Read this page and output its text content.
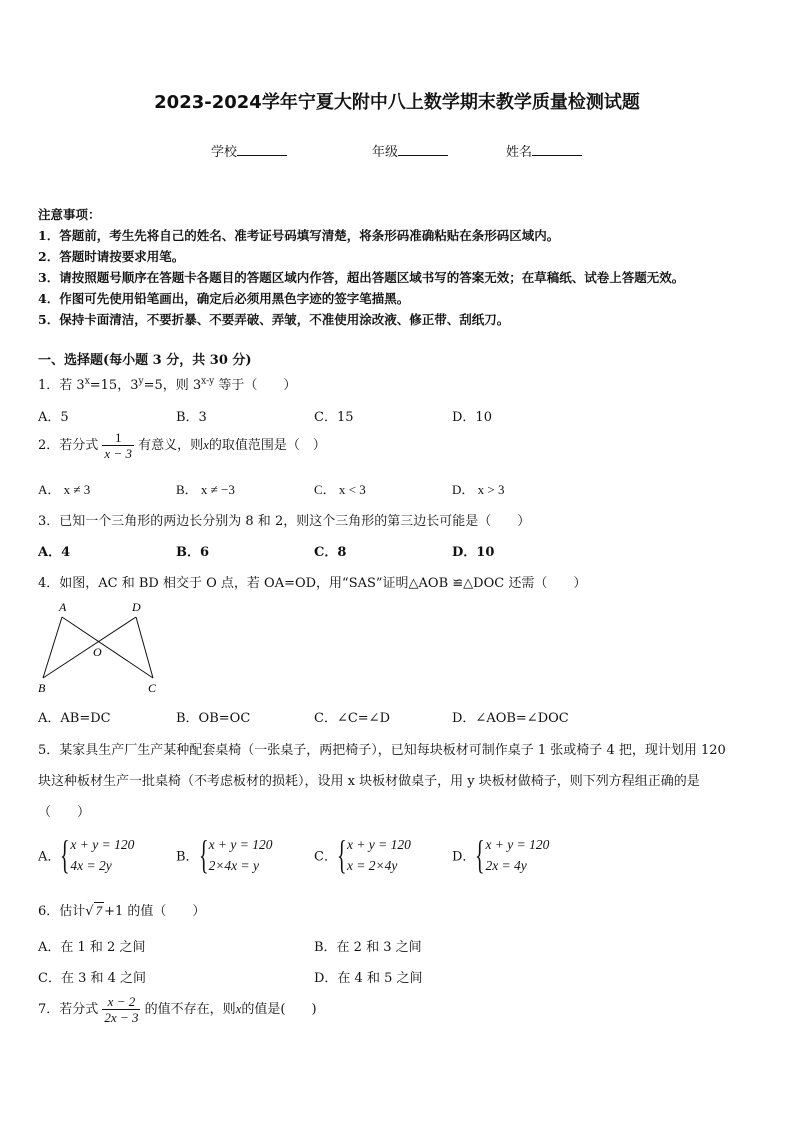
2023-2024学年宁夏大附中八上数学期末教学质量检测试题
学校	年级	姓名
注意事项：
1．答题前，考生先将自己的姓名、准考证号码填写清楚，将条形码准确粘贴在条形码区域内。
2．答题时请按要求用笔。
3．请按照题号顺序在答题卡各题目的答题区域内作答，超出答题区域书写的答案无效；在草稿纸、试卷上答题无效。
4．作图可先使用铅笔画出，确定后必须用黑色字迹的签字笔描黑。
5．保持卡面清洁，不要折暴、不要弄破、弄皱，不准使用涂改液、修正带、刮纸刀。
一、选择题(每小题 3 分，共 30 分)
1．若 $3^x=15$，$3^y=5$，则 3$^{x-y}$ 等于（　　）
A．5	B．3	C．15	D．10
2．若分式 $\frac{1}{x - 3}$ 有意义，则x的取值范围是（　）
A． x ≠ 3	B． x ≠ −3	C． x < 3	D． x > 3
3．已知一个三角形的两边长分别为 8 和 2，则这个三角形的第三边长可能是（　　）
A．4	B．6	C．8	D．10
4．如图，AC 和 BD 相交于 O 点，若 OA=OD，用“SAS”证明△AOB ≌△DOC 还需（　　）
A	D
O
B	C
A．AB=DC	B．OB=OC	C．∠C=∠D	D．∠AOB=∠DOC
5．某家具生产厂生产某种配套桌椅（一张桌子，两把椅子），已知每块板材可制作桌子 1 张或椅子 4 把，现计划用 120
块这种板材生产一批桌椅（不考虑板材的损耗），设用 x 块板材做桌子，用 y 块板材做椅子，则下列方程组正确的是
（　　）
A． { x + y = 120
4x = 2y
B． { x + y = 120
2×4x = y
C． { x + y = 120
x = 2×4y
D． { x + y = 120
2x = 4y
6．估计√ 7 +1 的值（　　）
A．在 1 和 2 之间	B．在 2 和 3 之间
C．在 3 和 4 之间	D．在 4 和 5 之间
7．若分式 $\frac{x - 2}{2x - 3}$ 的值不存在，则x的值是(　　)
